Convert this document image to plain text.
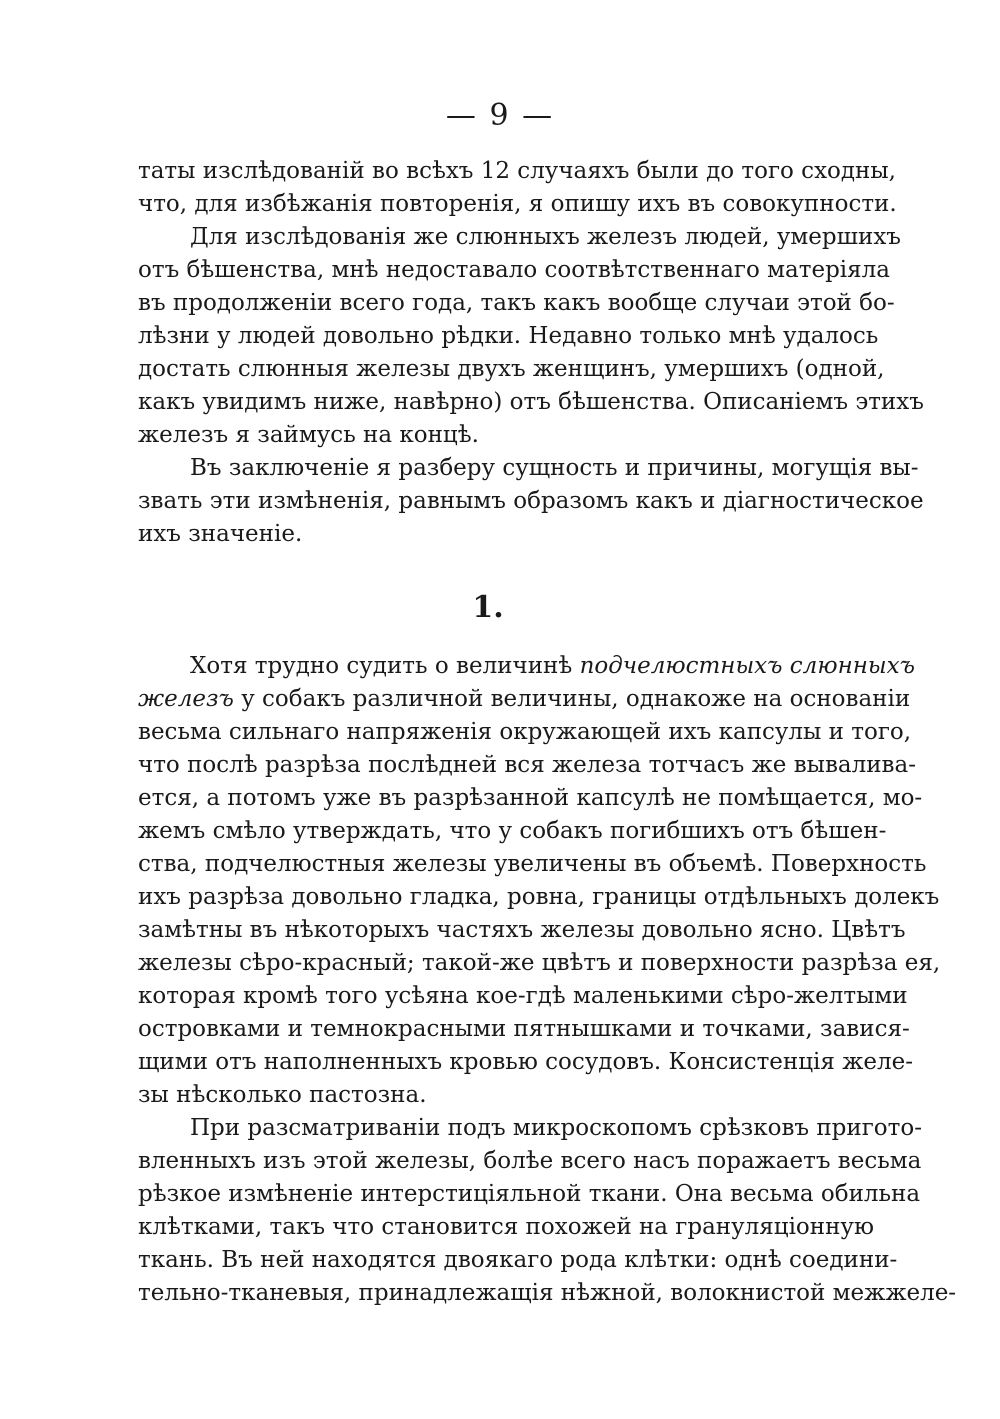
— 9 —
таты изслѣдованій во всѣхъ 12 случаяхъ были до того сходны,
что, для избѣжанія повторенія, я опишу ихъ въ совокупности.
Для изслѣдованія же слюнныхъ железъ людей, умершихъ
отъ бѣшенства, мнѣ недоставало соотвѣтственнаго матеріяла
въ продолженіи всего года, такъ какъ вообще случаи этой бо-
лѣзни у людей довольно рѣдки. Недавно только мнѣ удалось
достать слюнныя железы двухъ женщинъ, умершихъ (одной,
какъ увидимъ ниже, навѣрно) отъ бѣшенства. Описаніемъ этихъ
железъ я займусь на концѣ.
Въ заключеніе я разберу сущность и причины, могущія вы-
звать эти измѣненія, равнымъ образомъ какъ и діагностическое
ихъ значеніе.
1.
Хотя трудно судить о величинѣ подчелюстныхъ слюнныхъ
железъ у собакъ различной величины, однакоже на основаніи
весьма сильнаго напряженія окружающей ихъ капсулы и того,
что послѣ разрѣза послѣдней вся железа тотчасъ же вывалива-
ется, а потомъ уже въ разрѣзанной капсулѣ не помѣщается, мо-
жемъ смѣло утверждать, что у собакъ погибшихъ отъ бѣшен-
ства, подчелюстныя железы увеличены въ объемѣ. Поверхность
ихъ разрѣза довольно гладка, ровна, границы отдѣльныхъ долекъ
замѣтны въ нѣкоторыхъ частяхъ железы довольно ясно. Цвѣтъ
железы сѣро-красный; такой-же цвѣтъ и поверхности разрѣза ея,
которая кромѣ того усѣяна кое-гдѣ маленькими сѣро-желтыми
островками и темнокрасными пятнышками и точками, завися-
щими отъ наполненныхъ кровью сосудовъ. Консистенція желе-
зы нѣсколько пастозна.
При разсматриваніи подъ микроскопомъ срѣзковъ пригото-
вленныхъ изъ этой железы, болѣе всего насъ поражаетъ весьма
рѣзкое измѣненіе интерстиціяльной ткани. Она весьма обильна
клѣтками, такъ что становится похожей на грануляціонную
ткань. Въ ней находятся двоякаго рода клѣтки: однѣ соедини-
тельно-тканевыя, принадлежащія нѣжной, волокнистой межжеле-
